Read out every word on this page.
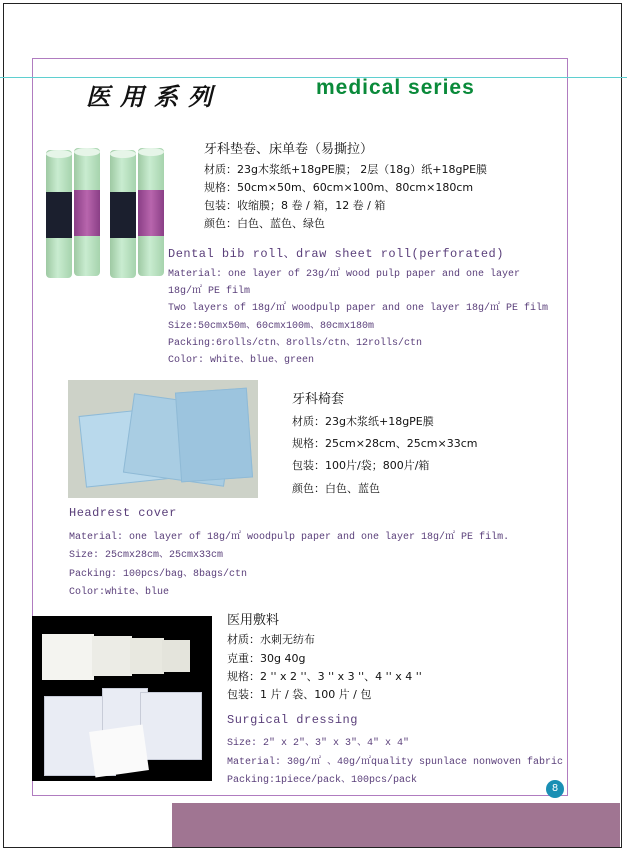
8
医用系列	medical series
牙科垫卷、床单卷（易撕拉）
材质：23g木浆纸+18gPE膜； 2层（18g）纸+18gPE膜
规格：50cm×50m、60cm×100m、80cm×180cm
包装：收缩膜；8 卷 / 箱，12 卷 / 箱
颜色：白色、蓝色、绿色
Dental bib roll、draw sheet roll(perforated)
Material: one layer of 23g/㎡ wood pulp paper and one layer
18g/㎡ PE film
Two layers of 18g/㎡ woodpulp paper and one layer 18g/㎡ PE film
Size:50cmx50m、60cmx100m、80cmx180m
Packing:6rolls/ctn、8rolls/ctn、12rolls/ctn
Color: white、blue、green
牙科椅套
材质：23g木浆纸+18gPE膜
规格：25cm×28cm、25cm×33cm
包装：100片/袋；800片/箱
颜色：白色、蓝色
Headrest cover
Material: one layer of 18g/㎡ woodpulp paper and one layer 18g/㎡ PE film.
Size: 25cmx28cm、25cmx33cm
Packing: 100pcs/bag、8bags/ctn
Color:white、blue
医用敷料
材质：水刺无纺布
克重：30g 40g
规格：2 '' x 2 ''、3 '' x 3 ''、4 '' x 4 ''
包装：1 片 / 袋、100 片 / 包
Surgical dressing
Size: 2" x 2"、3" x 3"、4" x 4"
Material: 30g/㎡ 、40g/㎡quality spunlace nonwoven fabric
Packing:1piece/pack、100pcs/pack
